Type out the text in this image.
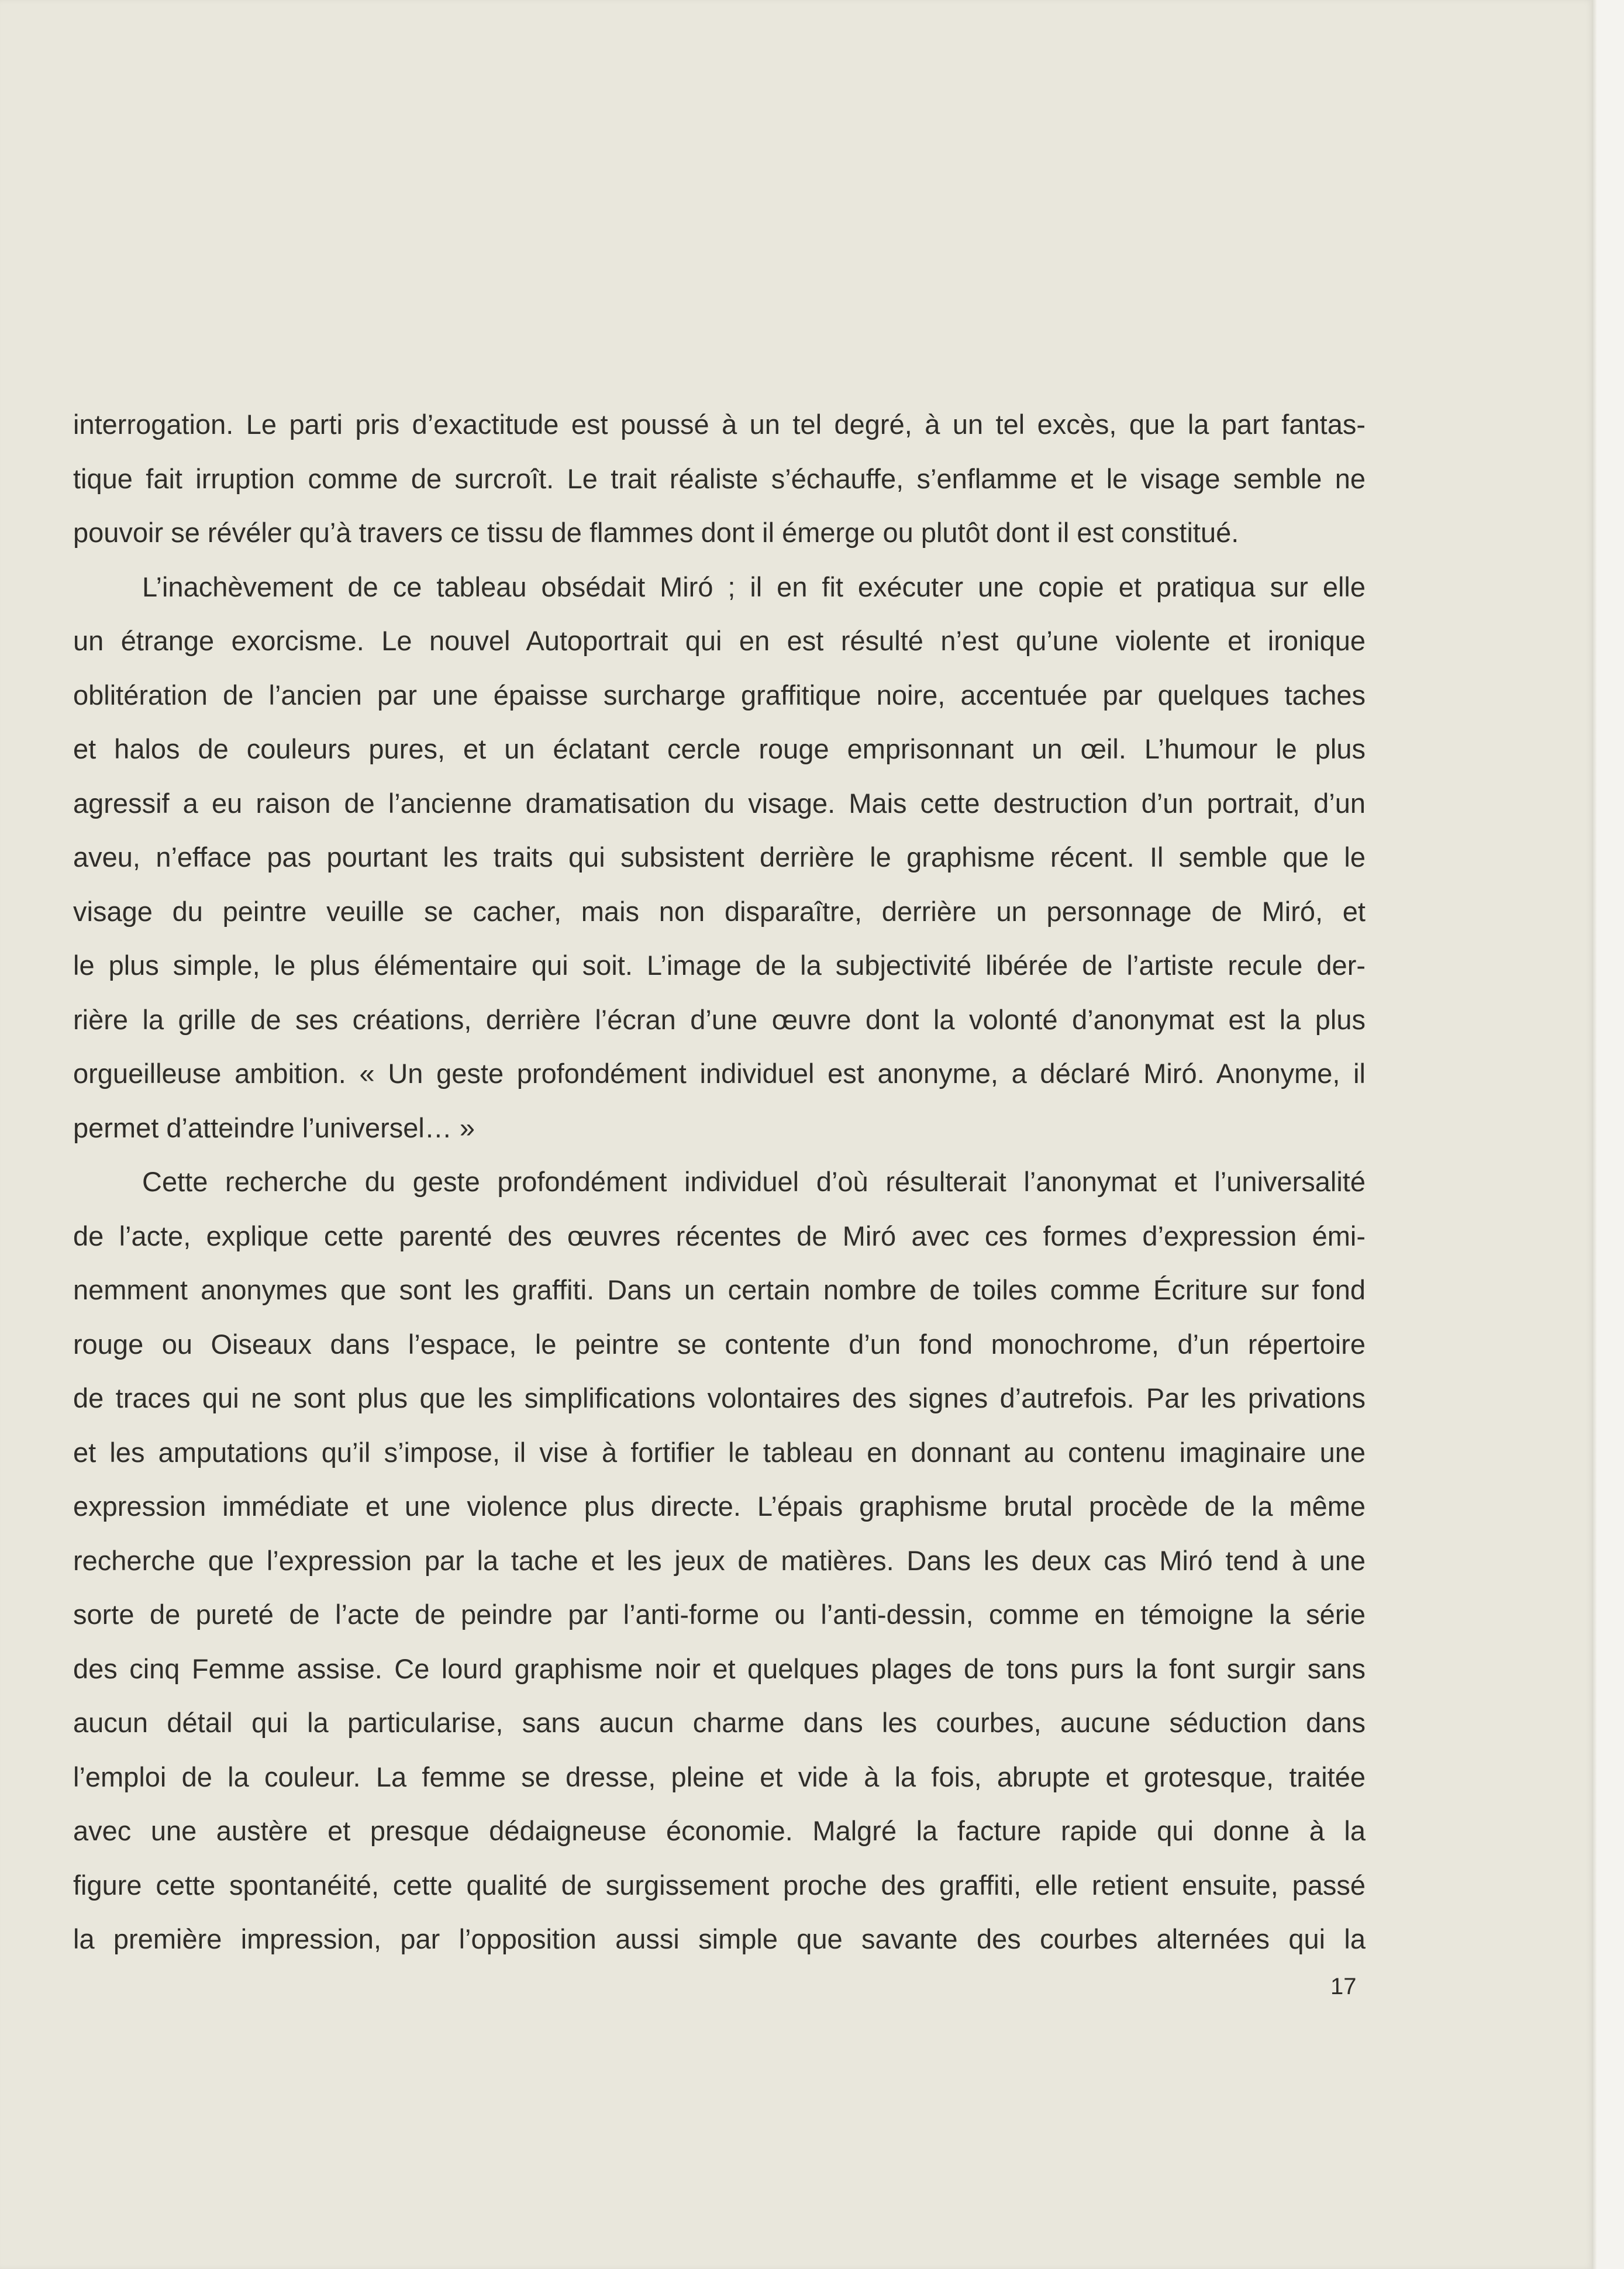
interrogation. Le parti pris d’exactitude est poussé à un tel degré, à un tel excès, que la part fantas-
tique fait irruption comme de surcroît. Le trait réaliste s’échauffe, s’enflamme et le visage semble ne
pouvoir se révéler qu’à travers ce tissu de flammes dont il émerge ou plutôt dont il est constitué.
L’inachèvement de ce tableau obsédait Miró ; il en fit exécuter une copie et pratiqua sur elle
un étrange exorcisme. Le nouvel Autoportrait qui en est résulté n’est qu’une violente et ironique
oblitération de l’ancien par une épaisse surcharge graffitique noire, accentuée par quelques taches
et halos de couleurs pures, et un éclatant cercle rouge emprisonnant un œil. L’humour le plus
agressif a eu raison de l’ancienne dramatisation du visage. Mais cette destruction d’un portrait, d’un
aveu, n’efface pas pourtant les traits qui subsistent derrière le graphisme récent. Il semble que le
visage du peintre veuille se cacher, mais non disparaître, derrière un personnage de Miró, et
le plus simple, le plus élémentaire qui soit. L’image de la subjectivité libérée de l’artiste recule der-
rière la grille de ses créations, derrière l’écran d’une œuvre dont la volonté d’anonymat est la plus
orgueilleuse ambition. « Un geste profondément individuel est anonyme, a déclaré Miró. Anonyme, il
permet d’atteindre l’universel… »
Cette recherche du geste profondément individuel d’où résulterait l’anonymat et l’universalité
de l’acte, explique cette parenté des œuvres récentes de Miró avec ces formes d’expression émi-
nemment anonymes que sont les graffiti. Dans un certain nombre de toiles comme Écriture sur fond
rouge ou Oiseaux dans l’espace, le peintre se contente d’un fond monochrome, d’un répertoire
de traces qui ne sont plus que les simplifications volontaires des signes d’autrefois. Par les privations
et les amputations qu’il s’impose, il vise à fortifier le tableau en donnant au contenu imaginaire une
expression immédiate et une violence plus directe. L’épais graphisme brutal procède de la même
recherche que l’expression par la tache et les jeux de matières. Dans les deux cas Miró tend à une
sorte de pureté de l’acte de peindre par l’anti-forme ou l’anti-dessin, comme en témoigne la série
des cinq Femme assise. Ce lourd graphisme noir et quelques plages de tons purs la font surgir sans
aucun détail qui la particularise, sans aucun charme dans les courbes, aucune séduction dans
l’emploi de la couleur. La femme se dresse, pleine et vide à la fois, abrupte et grotesque, traitée
avec une austère et presque dédaigneuse économie. Malgré la facture rapide qui donne à la
figure cette spontanéité, cette qualité de surgissement proche des graffiti, elle retient ensuite, passé
la première impression, par l’opposition aussi simple que savante des courbes alternées qui la
17
